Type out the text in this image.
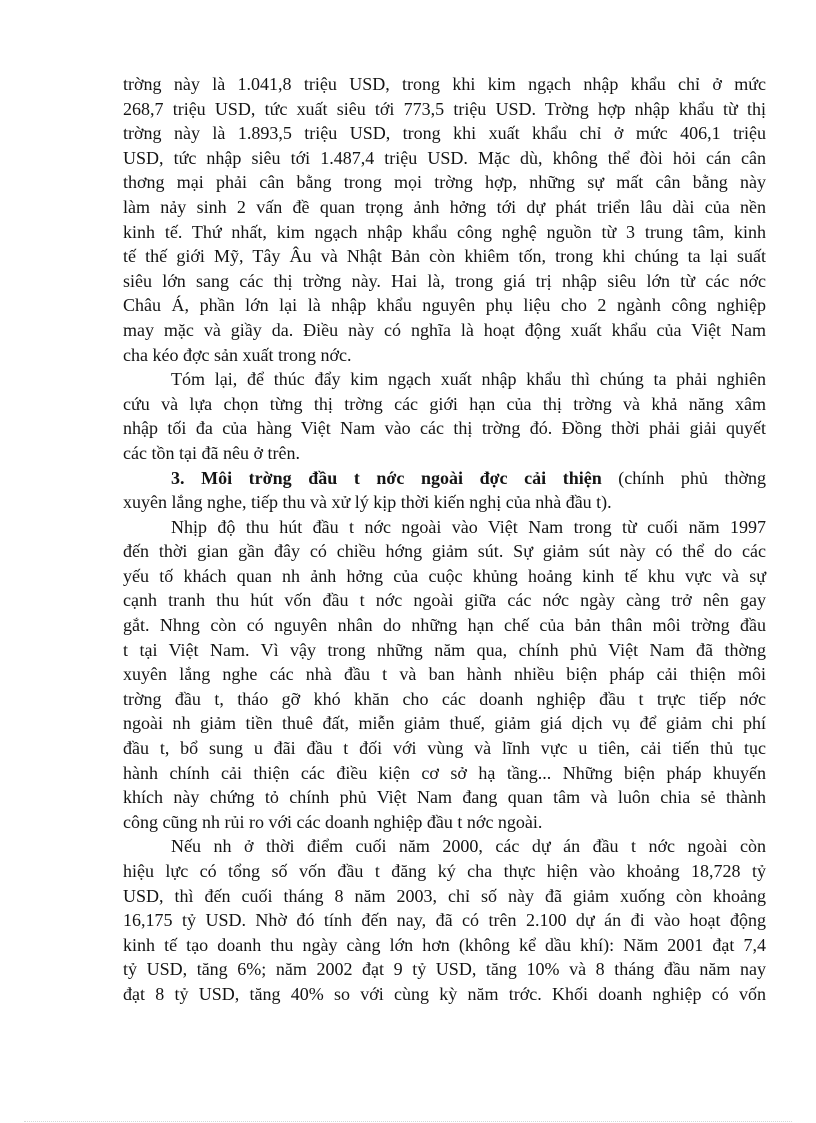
trờng này là 1.041,8 triệu USD, trong khi kim ngạch nhập khẩu chỉ ở mức
268,7 triệu USD, tức xuất siêu tới 773,5 triệu USD. Trờng hợp nhập khẩu từ thị
trờng này là 1.893,5 triệu USD, trong khi xuất khẩu chỉ ở mức 406,1 triệu
USD, tức nhập siêu tới 1.487,4 triệu USD. Mặc dù, không thể đòi hỏi cán cân
thơng mại phải cân bằng trong mọi trờng hợp, những sự mất cân bằng này
làm nảy sinh 2 vấn đề quan trọng ảnh hởng tới dự phát triển lâu dài của nền
kinh tế. Thứ nhất, kim ngạch nhập khẩu công nghệ nguồn từ 3 trung tâm, kinh
tế thế giới Mỹ, Tây Âu và Nhật Bản còn khiêm tốn, trong khi chúng ta lại suất
siêu lớn sang các thị trờng này. Hai là, trong giá trị nhập siêu lớn từ các nớc
Châu Á, phần lớn lại là nhập khẩu nguyên phụ liệu cho 2 ngành công nghiệp
may mặc và giầy da. Điều này có nghĩa là hoạt động xuất khẩu của Việt Nam
cha kéo đợc sản xuất trong nớc.
Tóm lại, để thúc đẩy kim ngạch xuất nhập khẩu thì chúng ta phải nghiên
cứu và lựa chọn từng thị trờng các giới hạn của thị trờng và khả năng xâm
nhập tối đa của hàng Việt Nam vào các thị trờng đó. Đồng thời phải giải quyết
các tồn tại đã nêu ở trên.
3. Môi trờng đầu t nớc ngoài đợc cải thiện (chính phủ thờng
xuyên lắng nghe, tiếp thu và xử lý kịp thời kiến nghị của nhà đầu t).
Nhịp độ thu hút đầu t nớc ngoài vào Việt Nam trong từ cuối năm 1997
đến thời gian gần đây có chiều hớng giảm sút. Sự giảm sút này có thể do các
yếu tố khách quan nh ảnh hởng của cuộc khủng hoảng kinh tế khu vực và sự
cạnh tranh thu hút vốn đầu t nớc ngoài giữa các nớc ngày càng trở nên gay
gắt. Nhng còn có nguyên nhân do những hạn chế của bản thân môi trờng đầu
t tại Việt Nam. Vì vậy trong những năm qua, chính phủ Việt Nam đã thờng
xuyên lắng nghe các nhà đầu t và ban hành nhiều biện pháp cải thiện môi
trờng đầu t, tháo gỡ khó khăn cho các doanh nghiệp đầu t trực tiếp nớc
ngoài nh giảm tiền thuê đất, miễn giảm thuế, giảm giá dịch vụ để giảm chi phí
đầu t, bổ sung u đãi đầu t đối với vùng và lĩnh vực u tiên, cải tiến thủ tục
hành chính cải thiện các điều kiện cơ sở hạ tầng... Những biện pháp khuyến
khích này chứng tỏ chính phủ Việt Nam đang quan tâm và luôn chia sẻ thành
công cũng nh rủi ro với các doanh nghiệp đầu t nớc ngoài.
Nếu nh ở thời điểm cuối năm 2000, các dự án đầu t nớc ngoài còn
hiệu lực có tổng số vốn đầu t đăng ký cha thực hiện vào khoảng 18,728 tỷ
USD, thì đến cuối tháng 8 năm 2003, chỉ số này đã giảm xuống còn khoảng
16,175 tỷ USD. Nhờ đó tính đến nay, đã có trên 2.100 dự án đi vào hoạt động
kinh tế tạo doanh thu ngày càng lớn hơn (không kể dầu khí): Năm 2001 đạt 7,4
tỷ USD, tăng 6%; năm 2002 đạt 9 tỷ USD, tăng 10% và 8 tháng đầu năm nay
đạt 8 tỷ USD, tăng 40% so với cùng kỳ năm trớc. Khối doanh nghiệp có vốn
